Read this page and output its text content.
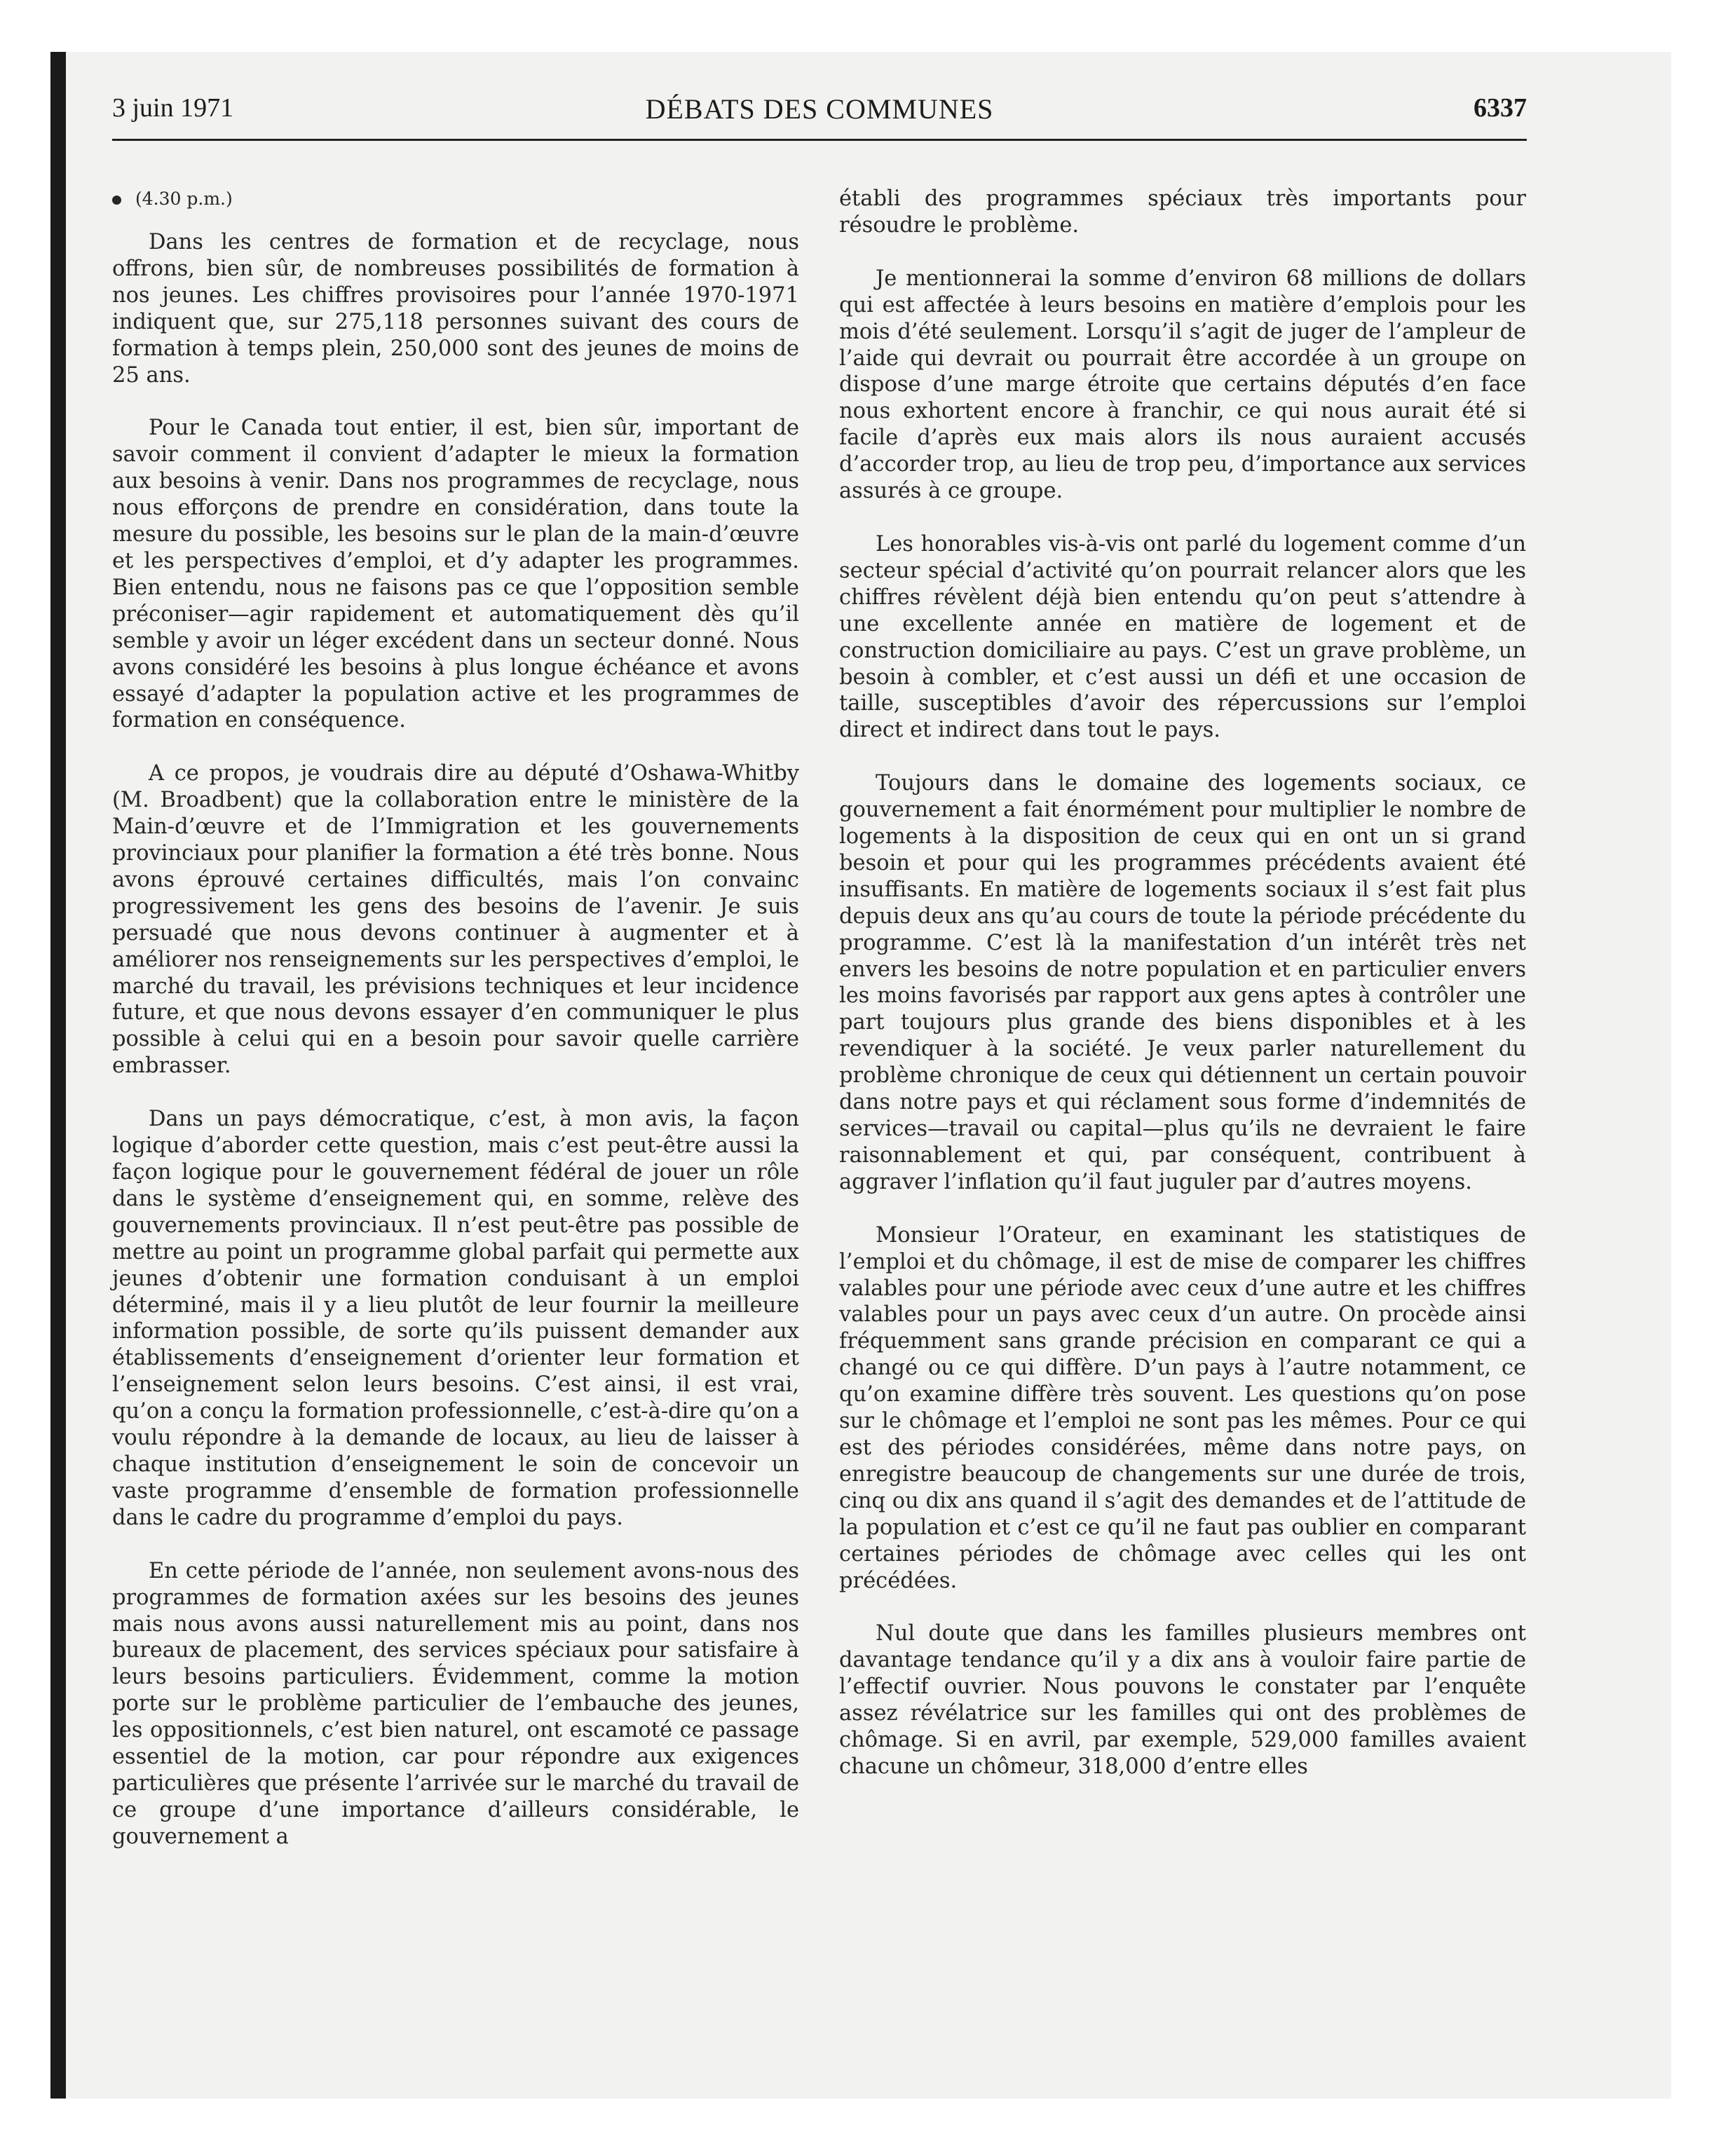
3 juin 1971	DÉBATS DES COMMUNES	6337
(4.30 p.m.)

Dans les centres de formation et de recyclage, nous offrons, bien sûr, de nombreuses possibilités de formation à nos jeunes. Les chiffres provisoires pour l’année 1970-1971 indiquent que, sur 275,118 personnes suivant des cours de formation à temps plein, 250,000 sont des jeunes de moins de 25 ans.

Pour le Canada tout entier, il est, bien sûr, important de savoir comment il convient d’adapter le mieux la formation aux besoins à venir. Dans nos programmes de recyclage, nous nous efforçons de prendre en considération, dans toute la mesure du possible, les besoins sur le plan de la main-d’œuvre et les perspectives d’emploi, et d’y adapter les programmes. Bien entendu, nous ne faisons pas ce que l’opposition semble préconiser—agir rapidement et automatiquement dès qu’il semble y avoir un léger excédent dans un secteur donné. Nous avons considéré les besoins à plus longue échéance et avons essayé d’adapter la population active et les programmes de formation en conséquence.

A ce propos, je voudrais dire au député d’Oshawa-Whitby (M. Broadbent) que la collaboration entre le ministère de la Main-d’œuvre et de l’Immigration et les gouvernements provinciaux pour planifier la formation a été très bonne. Nous avons éprouvé certaines difficultés, mais l’on convainc progressivement les gens des besoins de l’avenir. Je suis persuadé que nous devons continuer à augmenter et à améliorer nos renseignements sur les perspectives d’emploi, le marché du travail, les prévisions techniques et leur incidence future, et que nous devons essayer d’en communiquer le plus possible à celui qui en a besoin pour savoir quelle carrière embrasser.

Dans un pays démocratique, c’est, à mon avis, la façon logique d’aborder cette question, mais c’est peut-être aussi la façon logique pour le gouvernement fédéral de jouer un rôle dans le système d’enseignement qui, en somme, relève des gouvernements provinciaux. Il n’est peut-être pas possible de mettre au point un programme global parfait qui permette aux jeunes d’obtenir une formation conduisant à un emploi déterminé, mais il y a lieu plutôt de leur fournir la meilleure information possible, de sorte qu’ils puissent demander aux établissements d’enseignement d’orienter leur formation et l’enseignement selon leurs besoins. C’est ainsi, il est vrai, qu’on a conçu la formation professionnelle, c’est-à-dire qu’on a voulu répondre à la demande de locaux, au lieu de laisser à chaque institution d’enseignement le soin de concevoir un vaste programme d’ensemble de formation professionnelle dans le cadre du programme d’emploi du pays.

En cette période de l’année, non seulement avons-nous des programmes de formation axées sur les besoins des jeunes mais nous avons aussi naturellement mis au point, dans nos bureaux de placement, des services spéciaux pour satisfaire à leurs besoins particuliers. Évidemment, comme la motion porte sur le problème particulier de l’embauche des jeunes, les oppositionnels, c’est bien naturel, ont escamoté ce passage essentiel de la motion, car pour répondre aux exigences particulières que présente l’arrivée sur le marché du travail de ce groupe d’une importance d’ailleurs considérable, le gouvernement a

établi des programmes spéciaux très importants pour résoudre le problème.

Je mentionnerai la somme d’environ 68 millions de dollars qui est affectée à leurs besoins en matière d’emplois pour les mois d’été seulement. Lorsqu’il s’agit de juger de l’ampleur de l’aide qui devrait ou pourrait être accordée à un groupe on dispose d’une marge étroite que certains députés d’en face nous exhortent encore à franchir, ce qui nous aurait été si facile d’après eux mais alors ils nous auraient accusés d’accorder trop, au lieu de trop peu, d’importance aux services assurés à ce groupe.

Les honorables vis-à-vis ont parlé du logement comme d’un secteur spécial d’activité qu’on pourrait relancer alors que les chiffres révèlent déjà bien entendu qu’on peut s’attendre à une excellente année en matière de logement et de construction domiciliaire au pays. C’est un grave problème, un besoin à combler, et c’est aussi un défi et une occasion de taille, susceptibles d’avoir des répercussions sur l’emploi direct et indirect dans tout le pays.

Toujours dans le domaine des logements sociaux, ce gouvernement a fait énormément pour multiplier le nombre de logements à la disposition de ceux qui en ont un si grand besoin et pour qui les programmes précédents avaient été insuffisants. En matière de logements sociaux il s’est fait plus depuis deux ans qu’au cours de toute la période précédente du programme. C’est là la manifestation d’un intérêt très net envers les besoins de notre population et en particulier envers les moins favorisés par rapport aux gens aptes à contrôler une part toujours plus grande des biens disponibles et à les revendiquer à la société. Je veux parler naturellement du problème chronique de ceux qui détiennent un certain pouvoir dans notre pays et qui réclament sous forme d’indemnités de services—travail ou capital—plus qu’ils ne devraient le faire raisonnablement et qui, par conséquent, contribuent à aggraver l’inflation qu’il faut juguler par d’autres moyens.

Monsieur l’Orateur, en examinant les statistiques de l’emploi et du chômage, il est de mise de comparer les chiffres valables pour une période avec ceux d’une autre et les chiffres valables pour un pays avec ceux d’un autre. On procède ainsi fréquemment sans grande précision en comparant ce qui a changé ou ce qui diffère. D’un pays à l’autre notamment, ce qu’on examine diffère très souvent. Les questions qu’on pose sur le chômage et l’emploi ne sont pas les mêmes. Pour ce qui est des périodes considérées, même dans notre pays, on enregistre beaucoup de changements sur une durée de trois, cinq ou dix ans quand il s’agit des demandes et de l’attitude de la population et c’est ce qu’il ne faut pas oublier en comparant certaines périodes de chômage avec celles qui les ont précédées.

Nul doute que dans les familles plusieurs membres ont davantage tendance qu’il y a dix ans à vouloir faire partie de l’effectif ouvrier. Nous pouvons le constater par l’enquête assez révélatrice sur les familles qui ont des problèmes de chômage. Si en avril, par exemple, 529,000 familles avaient chacune un chômeur, 318,000 d’entre elles
